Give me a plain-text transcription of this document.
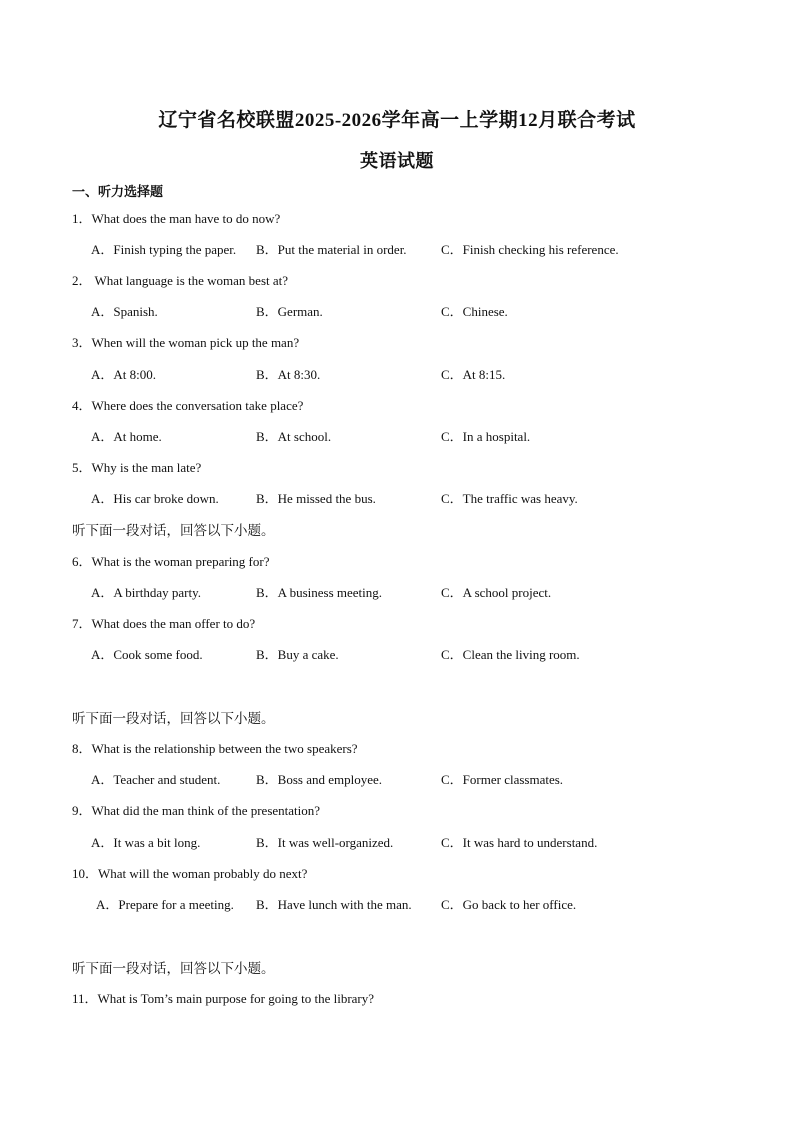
辽宁省名校联盟2025-2026学年高一上学期12月联合考试
英语试题
一、听力选择题
1．What does the man have to do now?
A．Finish typing the paper. B．Put the material in order.	C．Finish checking his reference.
2． What language is the woman best at?
A．Spanish.	B．German.	C．Chinese.
3．When will the woman pick up the man?
A．At 8:00.	B．At 8:30.	C．At 8:15.
4．Where does the conversation take place?
A．At home.	B．At school.	C．In a hospital.
5．Why is the man late?
A．His car broke down.	B．He missed the bus.	C．The traffic was heavy.
听下面一段对话，回答以下小题。
6．What is the woman preparing for?
A．A birthday party.	B．A business meeting.	C．A school project.
7．What does the man offer to do?
A．Cook some food.	B．Buy a cake.	C．Clean the living room.
听下面一段对话，回答以下小题。
8．What is the relationship between the two speakers?
A．Teacher and student.	B．Boss and employee.	C．Former classmates.
9．What did the man think of the presentation?
A．It was a bit long.	B．It was well-organized.	C．It was hard to understand.
10．What will the woman probably do next?
A．Prepare for a meeting. B．Have lunch with the man. C．Go back to her office.
听下面一段对话，回答以下小题。
11．What is Tom’s main purpose for going to the library?
